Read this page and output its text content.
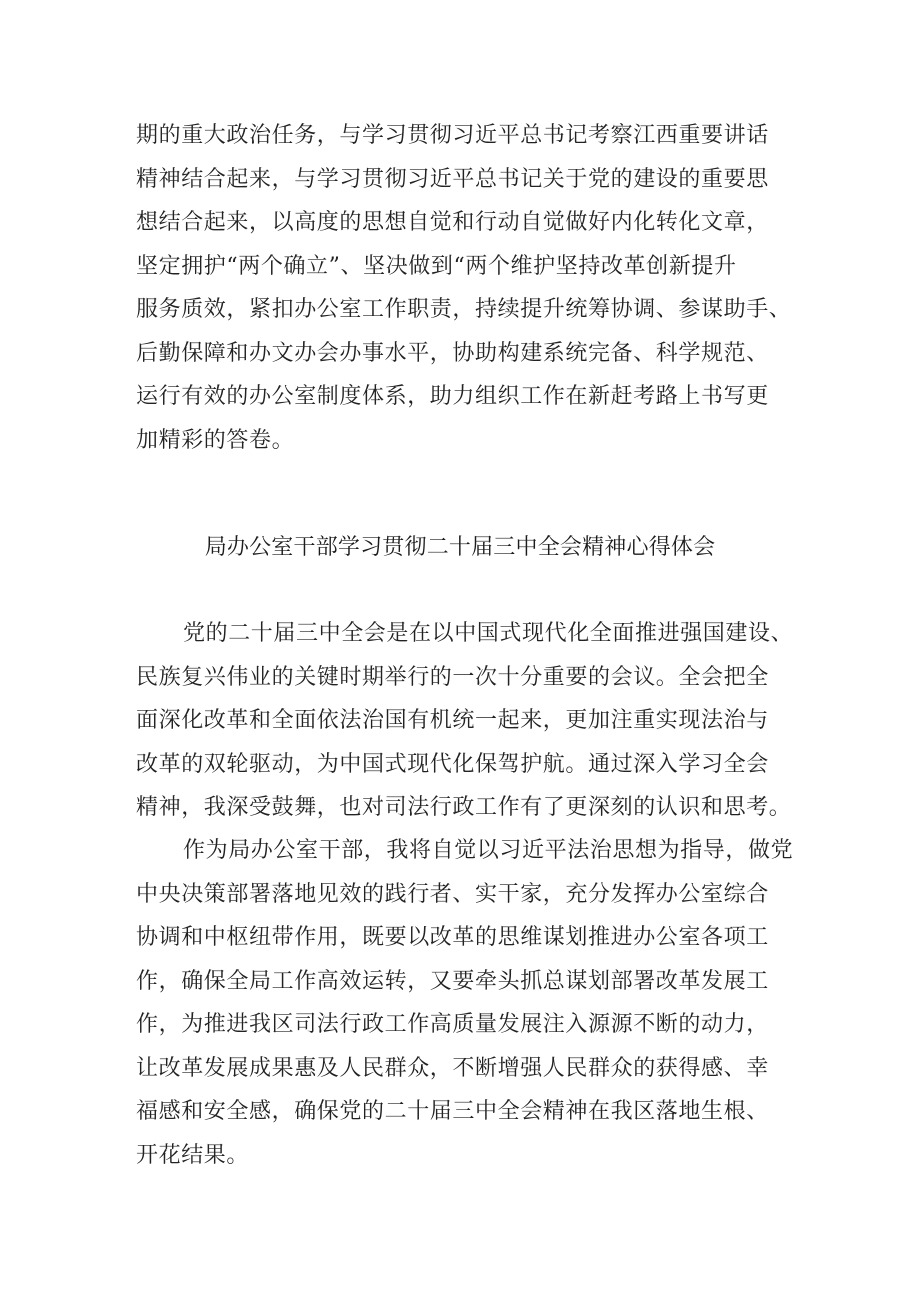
期的重大政治任务，与学习贯彻习近平总书记考察江西重要讲话
精神结合起来，与学习贯彻习近平总书记关于党的建设的重要思
想结合起来，以高度的思想自觉和行动自觉做好内化转化文章，
坚定拥护“两个确立”、坚决做到“两个维护坚持改革创新提升
服务质效，紧扣办公室工作职责，持续提升统筹协调、参谋助手、
后勤保障和办文办会办事水平，协助构建系统完备、科学规范、
运行有效的办公室制度体系，助力组织工作在新赶考路上书写更
加精彩的答卷。
局办公室干部学习贯彻二十届三中全会精神心得体会
党的二十届三中全会是在以中国式现代化全面推进强国建设、
民族复兴伟业的关键时期举行的一次十分重要的会议。全会把全
面深化改革和全面依法治国有机统一起来，更加注重实现法治与
改革的双轮驱动，为中国式现代化保驾护航。通过深入学习全会
精神，我深受鼓舞，也对司法行政工作有了更深刻的认识和思考。
作为局办公室干部，我将自觉以习近平法治思想为指导，做党
中央决策部署落地见效的践行者、实干家，充分发挥办公室综合
协调和中枢纽带作用，既要以改革的思维谋划推进办公室各项工
作，确保全局工作高效运转，又要牵头抓总谋划部署改革发展工
作，为推进我区司法行政工作高质量发展注入源源不断的动力，
让改革发展成果惠及人民群众，不断增强人民群众的获得感、幸
福感和安全感，确保党的二十届三中全会精神在我区落地生根、
开花结果。
